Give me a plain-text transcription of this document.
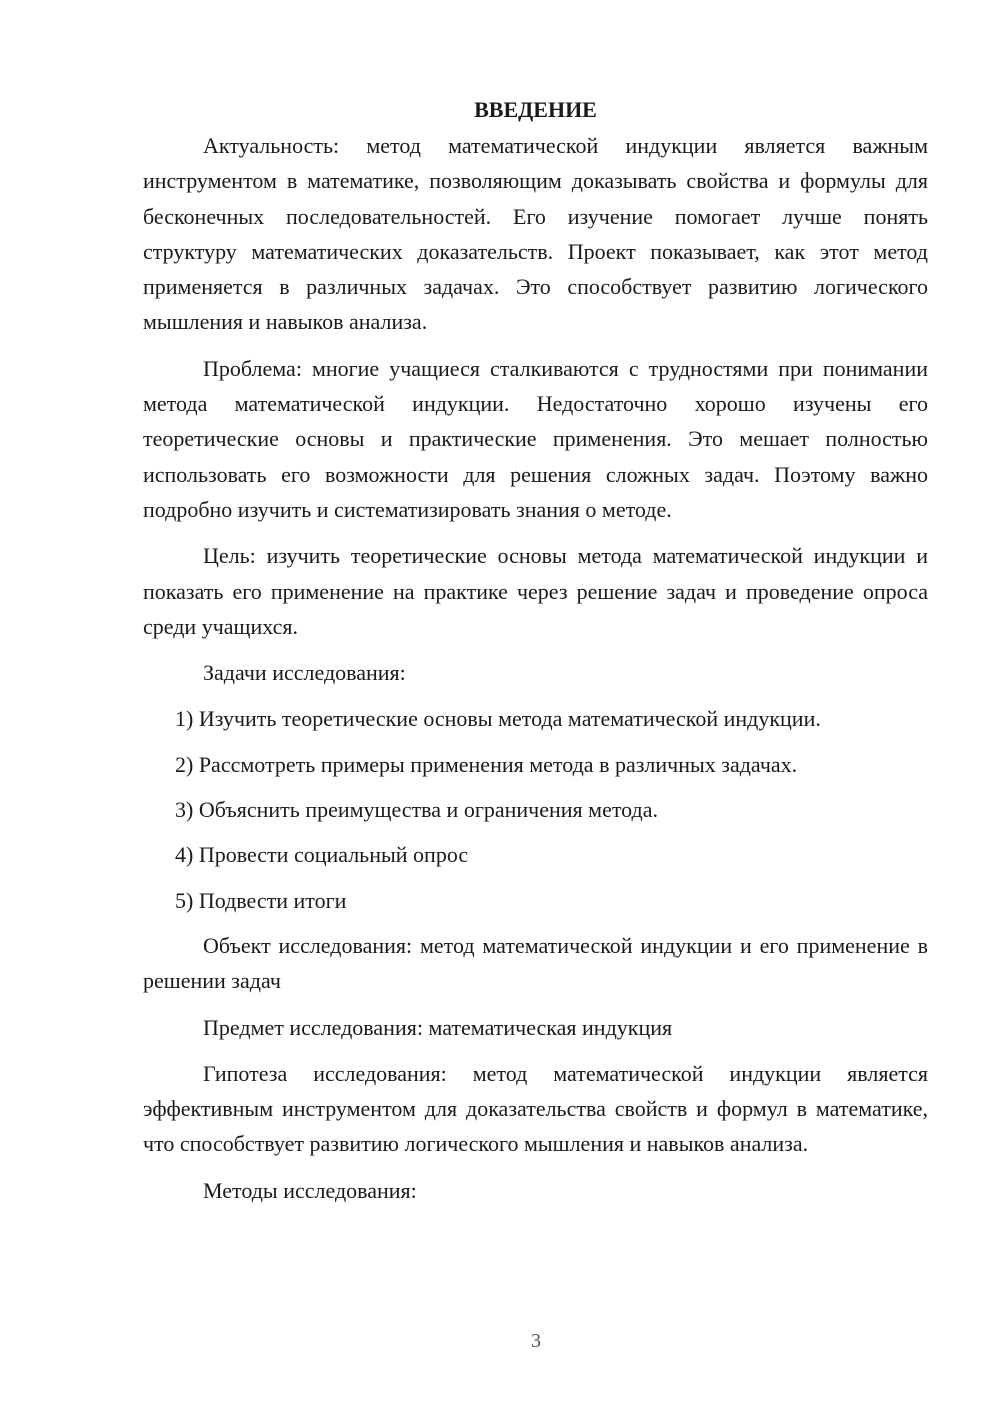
ВВЕДЕНИЕ

Актуальность: метод математической индукции является важным инструментом в математике, позволяющим доказывать свойства и формулы для бесконечных последовательностей. Его изучение помогает лучше понять структуру математических доказательств. Проект показывает, как этот метод применяется в различных задачах. Это способствует развитию логического мышления и навыков анализа.

Проблема: многие учащиеся сталкиваются с трудностями при понимании метода математической индукции. Недостаточно хорошо изучены его теоретические основы и практические применения. Это мешает полностью использовать его возможности для решения сложных задач. Поэтому важно подробно изучить и систематизировать знания о методе.

Цель: изучить теоретические основы метода математической индукции и показать его применение на практике через решение задач и проведение опроса среди учащихся.

Задачи исследования:

1) Изучить теоретические основы метода математической индукции.
2) Рассмотреть примеры применения метода в различных задачах.
3) Объяснить преимущества и ограничения метода.
4) Провести социальный опрос
5) Подвести итоги

Объект исследования: метод математической индукции и его применение в решении задач

Предмет исследования: математическая индукция

Гипотеза исследования: метод математической индукции является эффективным инструментом для доказательства свойств и формул в математике, что способствует развитию логического мышления и навыков анализа.

Методы исследования:

3
